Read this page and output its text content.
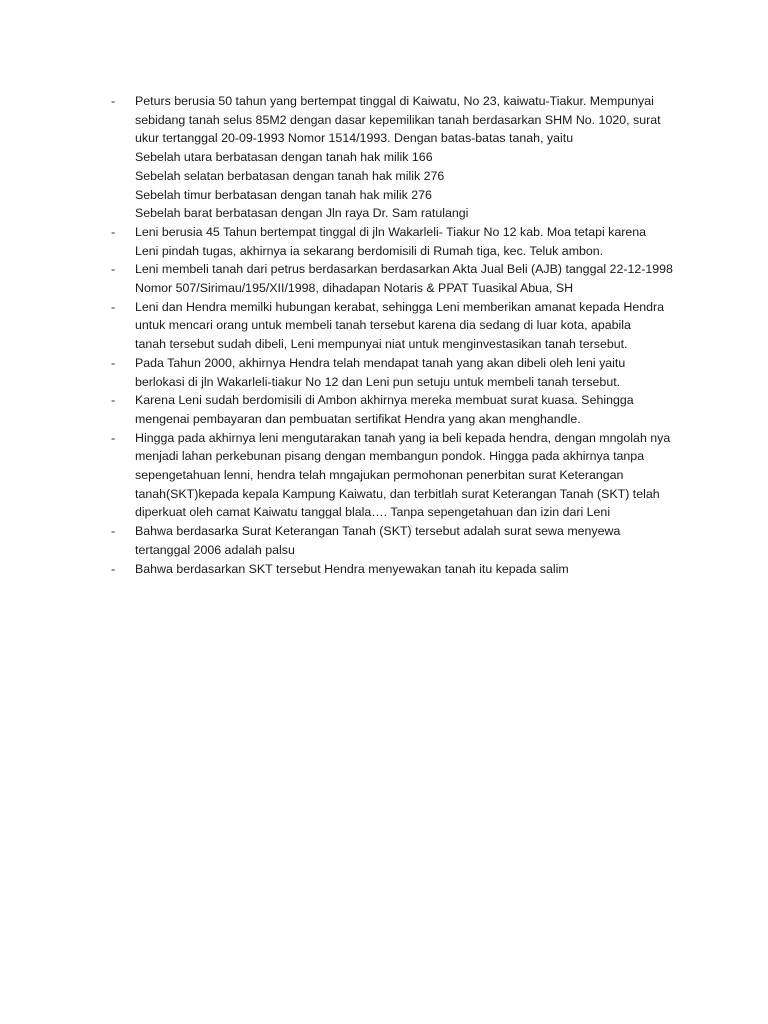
-	Peturs berusia 50 tahun yang bertempat tinggal di Kaiwatu, No 23, kaiwatu-Tiakur. Mempunyai
sebidang tanah selus 85M2 dengan dasar kepemilikan tanah berdasarkan SHM No. 1020, surat
ukur tertanggal 20-09-1993 Nomor 1514/1993. Dengan batas-batas tanah, yaitu
Sebelah utara berbatasan dengan tanah hak milik 166
Sebelah selatan berbatasan dengan tanah hak milik 276
Sebelah timur berbatasan dengan tanah hak milik 276
Sebelah barat berbatasan dengan Jln raya Dr. Sam ratulangi
-	Leni berusia 45 Tahun bertempat tinggal di jln Wakarleli- Tiakur No 12 kab. Moa tetapi karena
Leni pindah tugas, akhirnya ia sekarang berdomisili di Rumah tiga, kec. Teluk ambon.
-	Leni membeli tanah dari petrus berdasarkan berdasarkan Akta Jual Beli (AJB) tanggal 22-12-1998
Nomor 507/Sirimau/195/XII/1998, dihadapan Notaris & PPAT Tuasikal Abua, SH
-	Leni dan Hendra memilki hubungan kerabat, sehingga Leni memberikan amanat kepada Hendra
untuk mencari orang untuk membeli tanah tersebut karena dia sedang di luar kota, apabila
tanah tersebut sudah dibeli, Leni mempunyai niat untuk menginvestasikan tanah tersebut.
-	Pada Tahun 2000, akhirnya Hendra telah mendapat tanah yang akan dibeli oleh leni yaitu
berlokasi di jln Wakarleli-tiakur No 12 dan Leni pun setuju untuk membeli tanah tersebut.
-	Karena Leni sudah berdomisili di Ambon akhirnya mereka membuat surat kuasa. Sehingga
mengenai pembayaran dan pembuatan sertifikat Hendra yang akan menghandle.
-	Hingga pada akhirnya leni mengutarakan tanah yang ia beli kepada hendra, dengan mngolah nya
menjadi lahan perkebunan pisang dengan membangun pondok. Hingga pada akhirnya tanpa
sepengetahuan lenni, hendra telah mngajukan permohonan penerbitan surat Keterangan
tanah(SKT)kepada kepala Kampung Kaiwatu, dan terbitlah surat Keterangan Tanah (SKT) telah
diperkuat oleh camat Kaiwatu tanggal blala…. Tanpa sepengetahuan dan izin dari Leni
-	Bahwa berdasarka Surat Keterangan Tanah (SKT) tersebut adalah surat sewa menyewa
tertanggal 2006 adalah palsu
-	Bahwa berdasarkan SKT tersebut Hendra menyewakan tanah itu kepada salim
